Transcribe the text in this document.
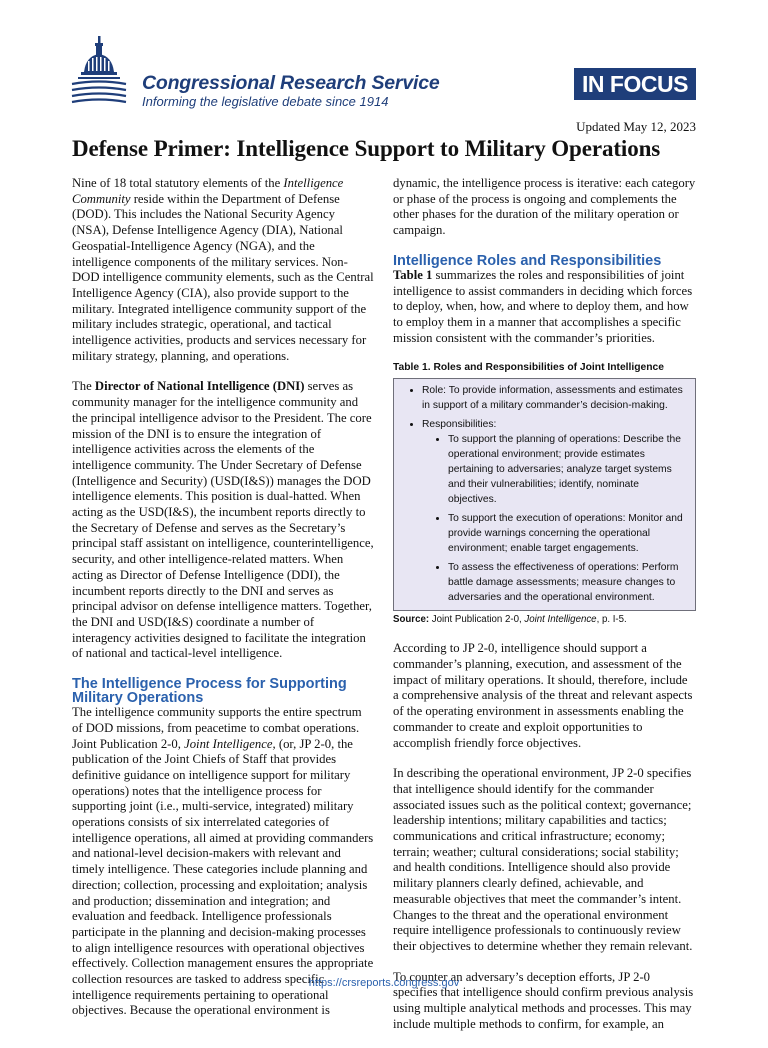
Congressional Research Service
Informing the legislative debate since 1914
IN FOCUS
Updated May 12, 2023
Defense Primer: Intelligence Support to Military Operations

Nine of 18 total statutory elements of the Intelligence Community reside within the Department of Defense (DOD). This includes the National Security Agency (NSA), Defense Intelligence Agency (DIA), National Geospatial-Intelligence Agency (NGA), and the intelligence components of the military services. Non-DOD intelligence community elements, such as the Central Intelligence Agency (CIA), also provide support to the military. Integrated intelligence community support of the military includes strategic, operational, and tactical intelligence activities, products and services necessary for military strategy, planning, and operations.

The Director of National Intelligence (DNI) serves as community manager for the intelligence community and the principal intelligence advisor to the President. The core mission of the DNI is to ensure the integration of intelligence activities across the elements of the intelligence community. The Under Secretary of Defense (Intelligence and Security) (USD(I&S)) manages the DOD intelligence elements. This position is dual-hatted. When acting as the USD(I&S), the incumbent reports directly to the Secretary of Defense and serves as the Secretary’s principal staff assistant on intelligence, counterintelligence, security, and other intelligence-related matters. When acting as Director of Defense Intelligence (DDI), the incumbent reports directly to the DNI and serves as principal advisor on defense intelligence matters. Together, the DNI and USD(I&S) coordinate a number of interagency activities designed to facilitate the integration of national and tactical-level intelligence.

The Intelligence Process for Supporting Military Operations

The intelligence community supports the entire spectrum of DOD missions, from peacetime to combat operations. Joint Publication 2-0, Joint Intelligence, (or, JP 2-0, the publication of the Joint Chiefs of Staff that provides definitive guidance on intelligence support for military operations) notes that the intelligence process for supporting joint (i.e., multi-service, integrated) military operations consists of six interrelated categories of intelligence operations, all aimed at providing commanders and national-level decision-makers with relevant and timely intelligence. These categories include planning and direction; collection, processing and exploitation; analysis and production; dissemination and integration; and evaluation and feedback. Intelligence professionals participate in the planning and decision-making processes to align intelligence resources with operational objectives effectively. Collection management ensures the appropriate collection resources are tasked to address specific intelligence requirements pertaining to operational objectives. Because the operational environment is

dynamic, the intelligence process is iterative: each category or phase of the process is ongoing and complements the other phases for the duration of the military operation or campaign.

Intelligence Roles and Responsibilities

Table 1 summarizes the roles and responsibilities of joint intelligence to assist commanders in deciding which forces to deploy, when, how, and where to deploy them, and how to employ them in a manner that accomplishes a specific mission consistent with the commander’s priorities.

Table 1. Roles and Responsibilities of Joint Intelligence
• Role: To provide information, assessments and estimates in support of a military commander’s decision-making.
• Responsibilities:
• To support the planning of operations: Describe the operational environment; provide estimates pertaining to adversaries; analyze target systems and their vulnerabilities; identify, nominate objectives.
• To support the execution of operations: Monitor and provide warnings concerning the operational environment; enable target engagements.
• To assess the effectiveness of operations: Perform battle damage assessments; measure changes to adversaries and the operational environment.
Source: Joint Publication 2-0, Joint Intelligence, p. I-5.

According to JP 2-0, intelligence should support a commander’s planning, execution, and assessment of the impact of military operations. It should, therefore, include a comprehensive analysis of the threat and relevant aspects of the operating environment in assessments enabling the commander to create and exploit opportunities to accomplish friendly force objectives.

In describing the operational environment, JP 2-0 specifies that intelligence should identify for the commander associated issues such as the political context; governance; leadership intentions; military capabilities and tactics; communications and critical infrastructure; economy; terrain; weather; cultural considerations; social stability; and health conditions. Intelligence should also provide military planners clearly defined, achievable, and measurable objectives that meet the commander’s intent. Changes to the threat and the operational environment require intelligence professionals to continuously review their objectives to determine whether they remain relevant.

To counter an adversary’s deception efforts, JP 2-0 specifies that intelligence should confirm previous analysis using multiple analytical methods and processes. This may include multiple methods to confirm, for example, an

https://crsreports.congress.gov
